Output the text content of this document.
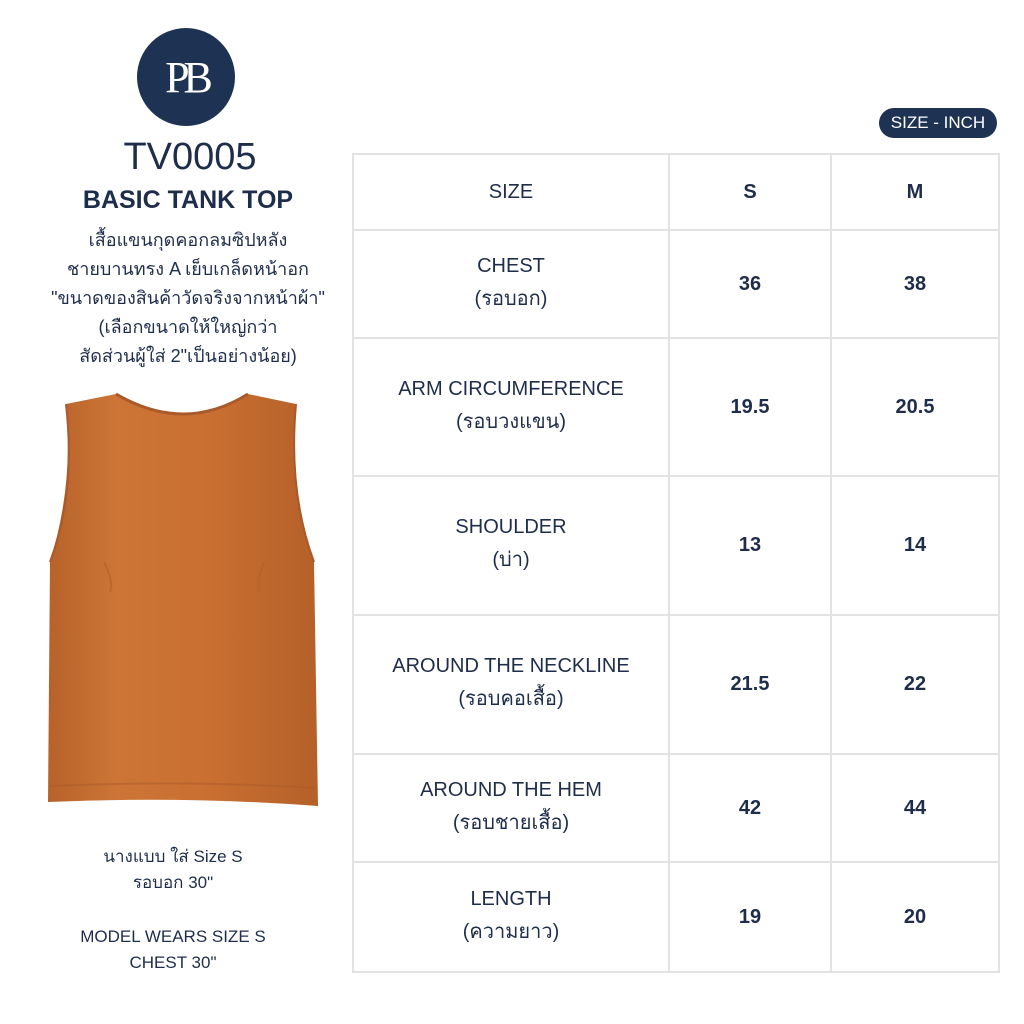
PB
TV0005
BASIC TANK TOP
เสื้อแขนกุดคอกลมซิปหลัง
ชายบานทรง A เย็บเกล็ดหน้าอก
"ขนาดของสินค้าวัดจริงจากหน้าผ้า"
(เลือกขนาดให้ใหญ่กว่า
สัดส่วนผู้ใส่ 2"เป็นอย่างน้อย)
นางแบบ ใส่ Size S
รอบอก 30"
MODEL WEARS SIZE S
CHEST 30"
SIZE - INCH
SIZE	S	M
CHEST
(รอบอก)	36	38
ARM CIRCUMFERENCE
(รอบวงแขน)	19.5	20.5
SHOULDER
(บ่า)	13	14
AROUND THE NECKLINE
(รอบคอเสื้อ)	21.5	22
AROUND THE HEM
(รอบชายเสื้อ)	42	44
LENGTH
(ความยาว)	19	20
